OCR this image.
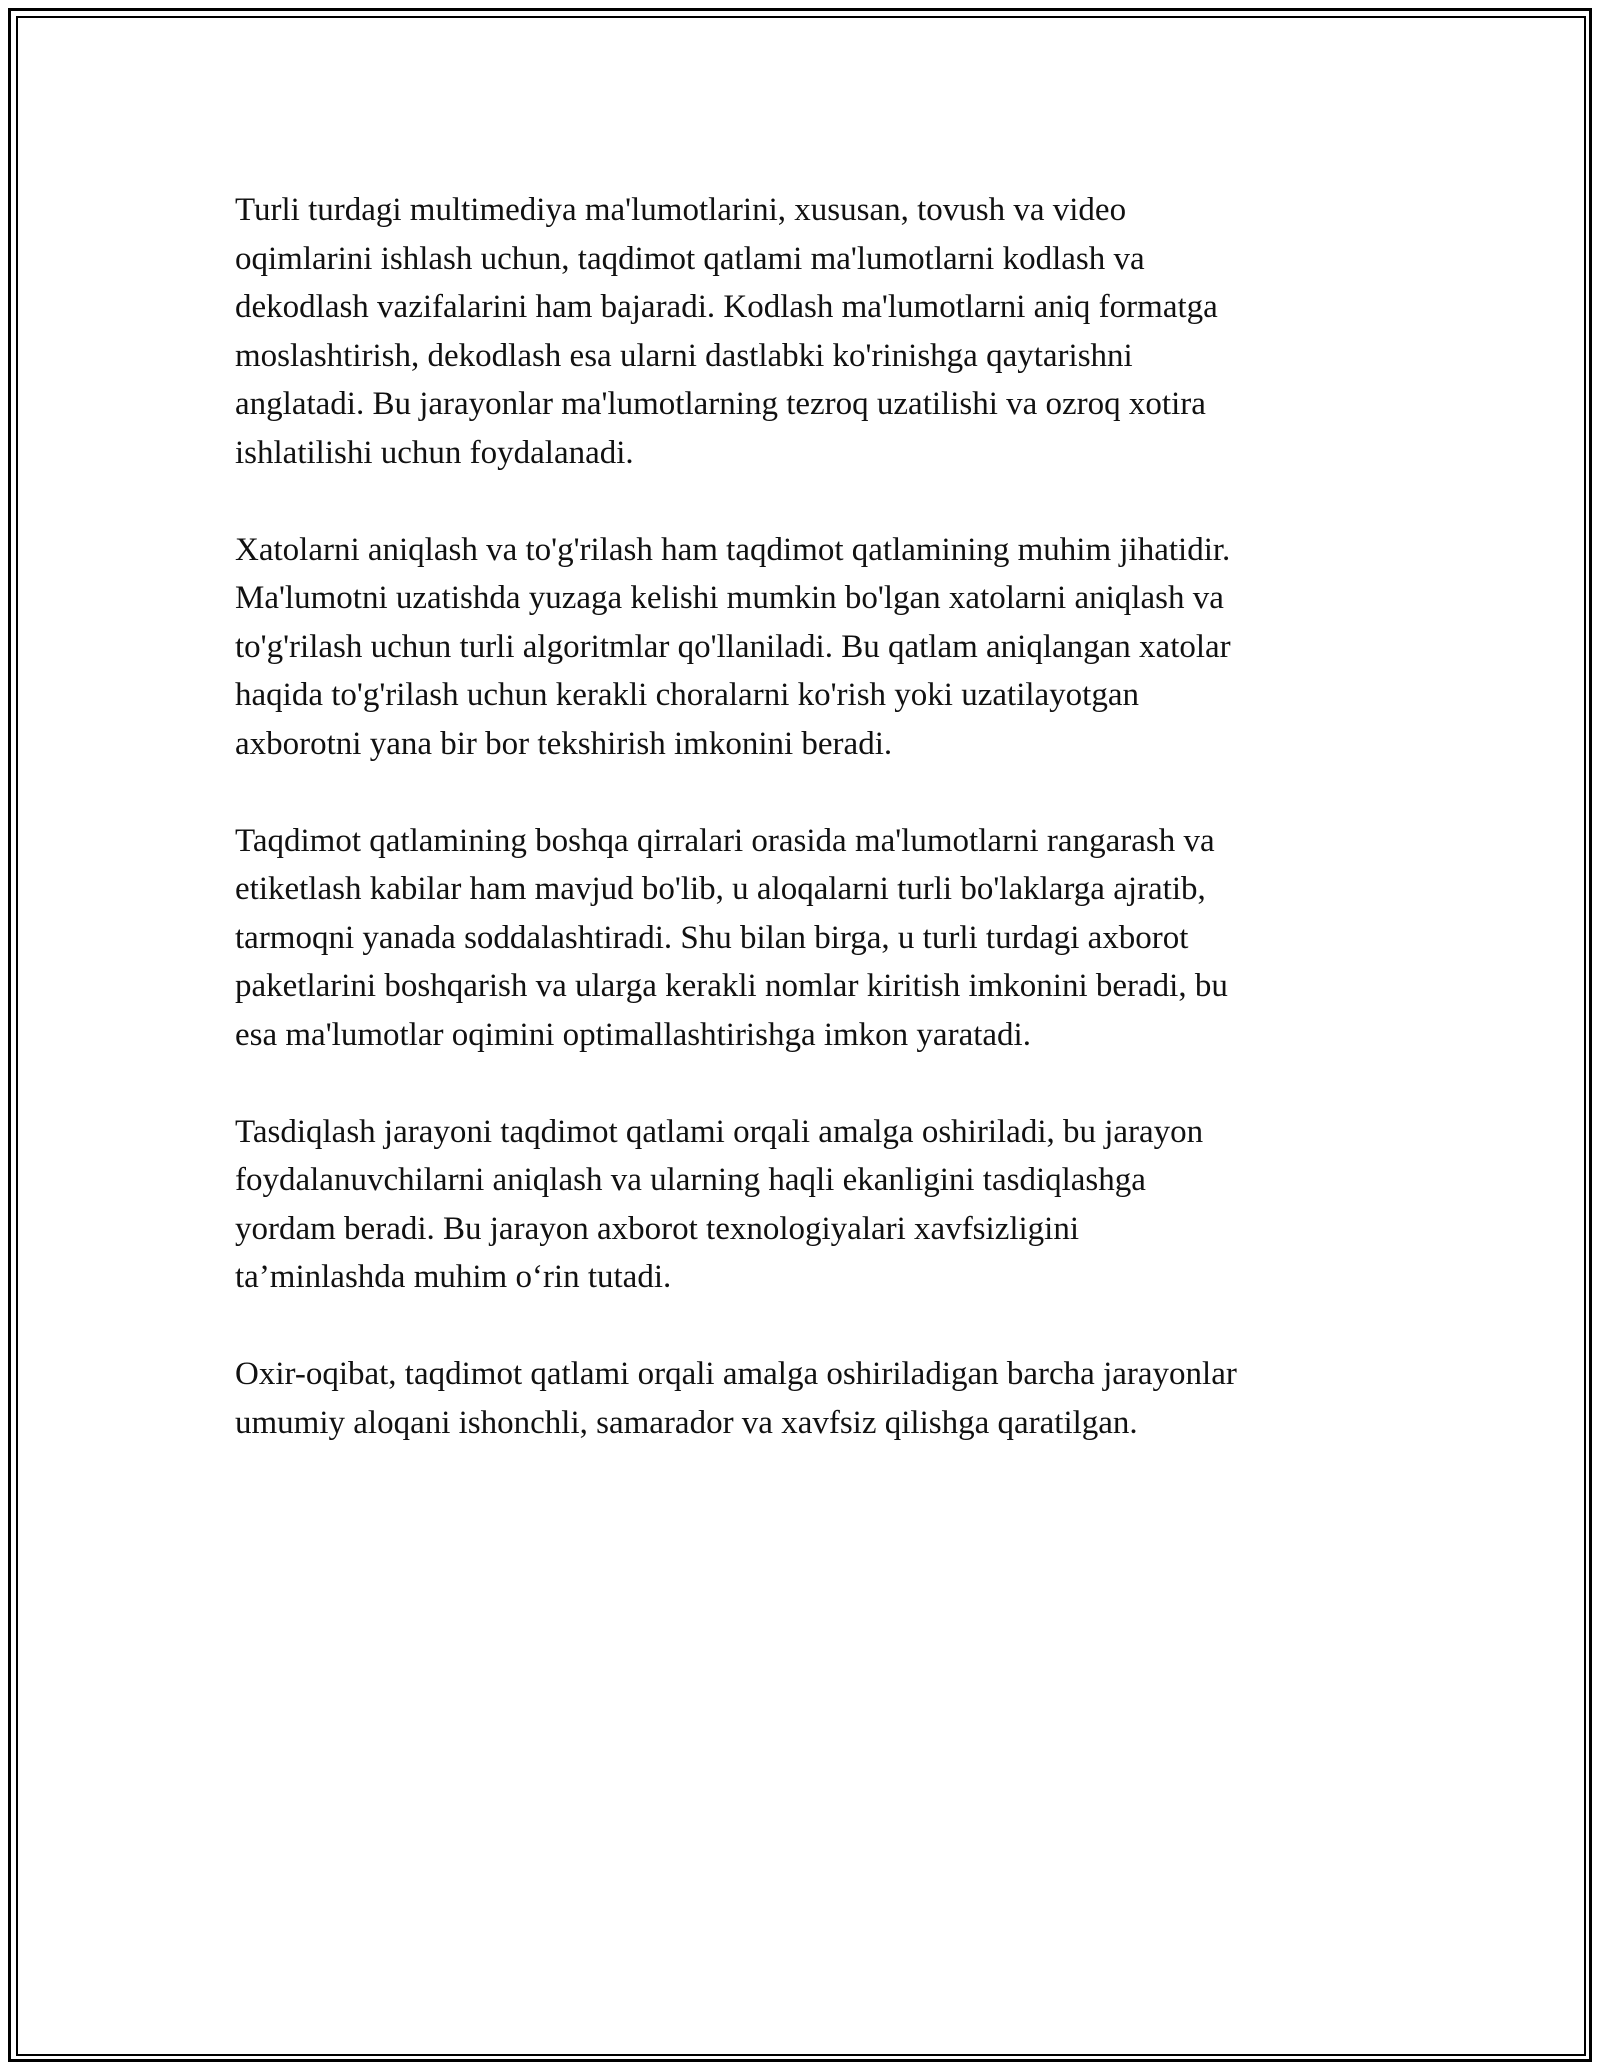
Turli turdagi multimediya ma'lumotlarini, xususan, tovush va video

oqimlarini ishlash uchun, taqdimot qatlami ma'lumotlarni kodlash va

dekodlash vazifalarini ham bajaradi. Kodlash ma'lumotlarni aniq formatga

moslashtirish, dekodlash esa ularni dastlabki ko'rinishga qaytarishni

anglatadi. Bu jarayonlar ma'lumotlarning tezroq uzatilishi va ozroq xotira

ishlatilishi uchun foydalanadi.

Xatolarni aniqlash va to'g'rilash ham taqdimot qatlamining muhim jihatidir.

Ma'lumotni uzatishda yuzaga kelishi mumkin bo'lgan xatolarni aniqlash va

to'g'rilash uchun turli algoritmlar qo'llaniladi. Bu qatlam aniqlangan xatolar

haqida to'g'rilash uchun kerakli choralarni ko'rish yoki uzatilayotgan

axborotni yana bir bor tekshirish imkonini beradi.

Taqdimot qatlamining boshqa qirralari orasida ma'lumotlarni rangarash va

etiketlash kabilar ham mavjud bo'lib, u aloqalarni turli bo'laklarga ajratib,

tarmoqni yanada soddalashtiradi. Shu bilan birga, u turli turdagi axborot

paketlarini boshqarish va ularga kerakli nomlar kiritish imkonini beradi, bu

esa ma'lumotlar oqimini optimallashtirishga imkon yaratadi.

Tasdiqlash jarayoni taqdimot qatlami orqali amalga oshiriladi, bu jarayon

foydalanuvchilarni aniqlash va ularning haqli ekanligini tasdiqlashga

yordam beradi. Bu jarayon axborot texnologiyalari xavfsizligini

ta’minlashda muhim o‘rin tutadi.

Oxir-oqibat, taqdimot qatlami orqali amalga oshiriladigan barcha jarayonlar

umumiy aloqani ishonchli, samarador va xavfsiz qilishga qaratilgan.
